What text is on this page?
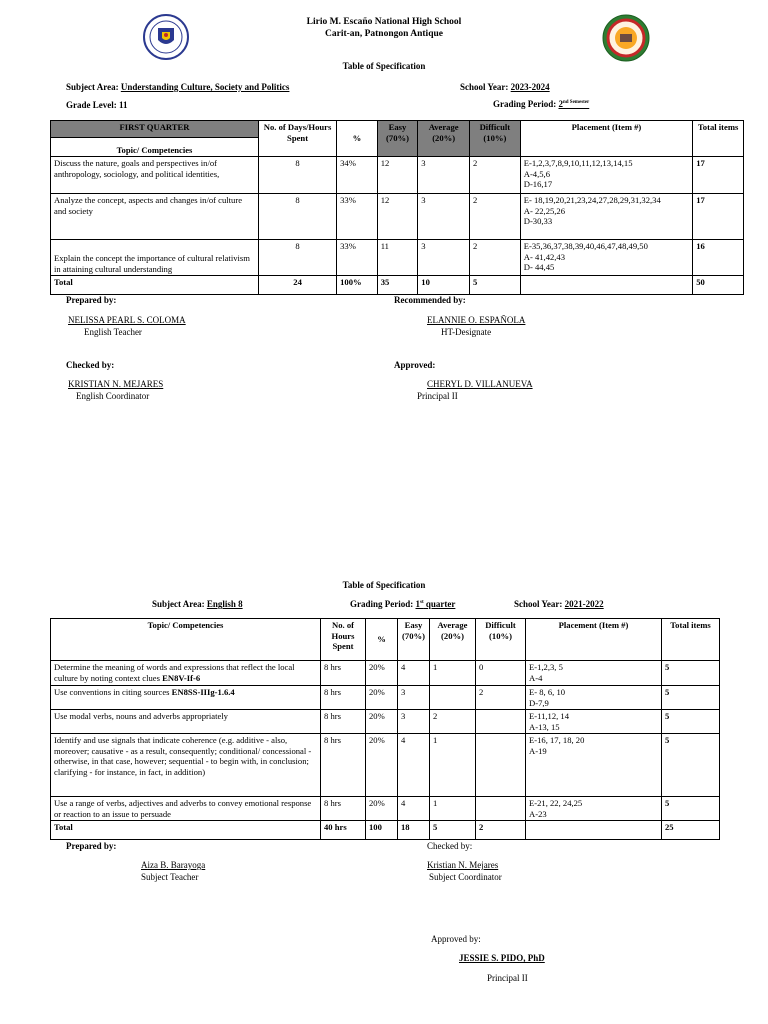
Lirio M. Escaño National High School
Carit-an, Patnongon Antique
Table of Specification
Subject Area: Understanding Culture, Society and Politics	School Year: 2023-2024
Grade Level: 11	Grading Period: $2^{nd Semester}$
FIRST QUARTER	No. of Days/Hours Spent	%	Easy (70%)	Average (20%)	Difficult (10%)	Placement (Item #)	Total items
Topic/ Competencies							
Discuss the nature, goals and perspectives in/of anthropology, sociology, and political identities,	8	34%	12	3	2	E-1,2,3,7,8,9,10,11,12,13,14,15
A-4,5,6
D-16,17	17
Analyze the concept, aspects and changes in/of culture and society	8	33%	12	3	2	E- 18,19,20,21,23,24,27,28,29,31,32,34
A- 22,25,26
D-30,33	17
Explain the concept the importance of cultural relativism in attaining cultural understanding	8	33%	11	3	2	E-35,36,37,38,39,40,46,47,48,49,50
A- 41,42,43
D- 44,45	16
Total	24	100%	35	10	5		50
Prepared by:
NELISSA PEARL S. COLOMA
English Teacher
Recommended by:
ELANNIE O. ESPAÑOLA
HT-Designate
Checked by:
KRISTIAN N. MEJARES
English Coordinator
Approved:
CHERYL D. VILLANUEVA
Principal II
Table of Specification
Subject Area: English 8	Grading Period: 1st quarter	School Year: 2021-2022
Topic/ Competencies	No. of Hours Spent	%	Easy (70%)	Average (20%)	Difficult (10%)	Placement (Item #)	Total items
Determine the meaning of words and expressions that reflect the local culture by noting context clues EN8V-If-6	8 hrs	20%	4	1	0	E-1,2,3, 5
A-4	5
Use conventions in citing sources EN8SS-IIIg-1.6.4	8 hrs	20%	3		2	E- 8, 6, 10
D-7,9	5
Use modal verbs, nouns and adverbs appropriately	8 hrs	20%	3	2		E-11,12, 14
A-13, 15	5
Identify and use signals that indicate coherence (e.g. additive - also, moreover; causative - as a result, consequently; conditional/ concessional - otherwise, in that case, however; sequential - to begin with, in conclusion; clarifying - for instance, in fact, in addition)	8 hrs	20%	4	1		E-16, 17, 18, 20
A-19	5
Use a range of verbs, adjectives and adverbs to convey emotional response or reaction to an issue to persuade	8 hrs	20%	4	1		E-21, 22, 24,25
A-23	5
Total	40 hrs	100	18	5	2		25
Prepared by:
Aiza B. Barayoga
Subject Teacher
Checked by:
Kristian N. Mejares
Subject Coordinator
Approved by:
JESSIE S. PIDO, PhD
Principal II
